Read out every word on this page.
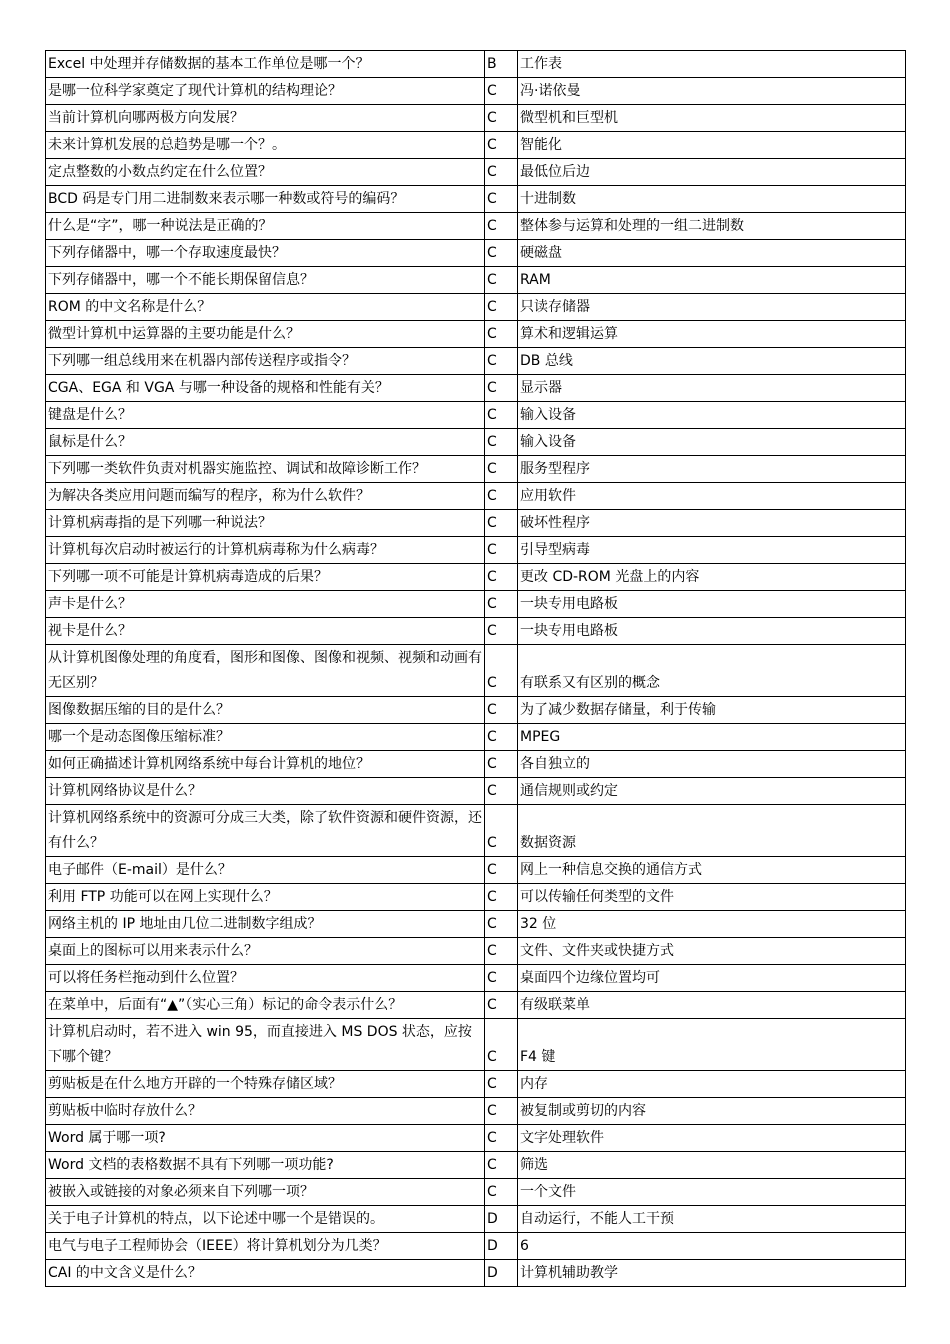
Excel 中处理并存储数据的基本工作单位是哪一个？	B	工作表
是哪一位科学家奠定了现代计算机的结构理论？	C	冯·诺依曼
当前计算机向哪两极方向发展？	C	微型机和巨型机
未来计算机发展的总趋势是哪一个？。	C	智能化
定点整数的小数点约定在什么位置？	C	最低位后边
BCD 码是专门用二进制数来表示哪一种数或符号的编码？	C	十进制数
什么是“字”，哪一种说法是正确的？	C	整体参与运算和处理的一组二进制数
下列存储器中，哪一个存取速度最快？	C	硬磁盘
下列存储器中，哪一个不能长期保留信息？	C	RAM
ROM 的中文名称是什么？	C	只读存储器
微型计算机中运算器的主要功能是什么？	C	算术和逻辑运算
下列哪一组总线用来在机器内部传送程序或指令？	C	DB 总线
CGA、EGA 和 VGA 与哪一种设备的规格和性能有关？	C	显示器
键盘是什么？	C	输入设备
鼠标是什么？	C	输入设备
下列哪一类软件负责对机器实施监控、调试和故障诊断工作？	C	服务型程序
为解决各类应用问题而编写的程序，称为什么软件？	C	应用软件
计算机病毒指的是下列哪一种说法？	C	破坏性程序
计算机每次启动时被运行的计算机病毒称为什么病毒？	C	引导型病毒
下列哪一项不可能是计算机病毒造成的后果？	C	更改 CD-ROM 光盘上的内容
声卡是什么？	C	一块专用电路板
视卡是什么？	C	一块专用电路板
从计算机图像处理的角度看，图形和图像、图像和视频、视频和动画有无区别？	C	有联系又有区别的概念
图像数据压缩的目的是什么？	C	为了减少数据存储量，利于传输
哪一个是动态图像压缩标准？	C	MPEG
如何正确描述计算机网络系统中每台计算机的地位？	C	各自独立的
计算机网络协议是什么？	C	通信规则或约定
计算机网络系统中的资源可分成三大类，除了软件资源和硬件资源，还有什么？	C	数据资源
电子邮件（E-mail）是什么？	C	网上一种信息交换的通信方式
利用 FTP 功能可以在网上实现什么？	C	可以传输任何类型的文件
网络主机的 IP 地址由几位二进制数字组成？	C	32 位
桌面上的图标可以用来表示什么？	C	文件、文件夹或快捷方式
可以将任务栏拖动到什么位置？	C	桌面四个边缘位置均可
在菜单中，后面有“▲”（实心三角）标记的命令表示什么？	C	有级联菜单
计算机启动时，若不进入 win 95，而直接进入 MS DOS 状态，应按下哪个键？	C	F4 键
剪贴板是在什么地方开辟的一个特殊存储区域？	C	内存
剪贴板中临时存放什么？	C	被复制或剪切的内容
Word 属于哪一项?	C	文字处理软件
Word 文档的表格数据不具有下列哪一项功能?	C	筛选
被嵌入或链接的对象必须来自下列哪一项？	C	一个文件
关于电子计算机的特点，以下论述中哪一个是错误的。	D	自动运行，不能人工干预
电气与电子工程师协会（IEEE）将计算机划分为几类？	D	6
CAI 的中文含义是什么？	D	计算机辅助教学
